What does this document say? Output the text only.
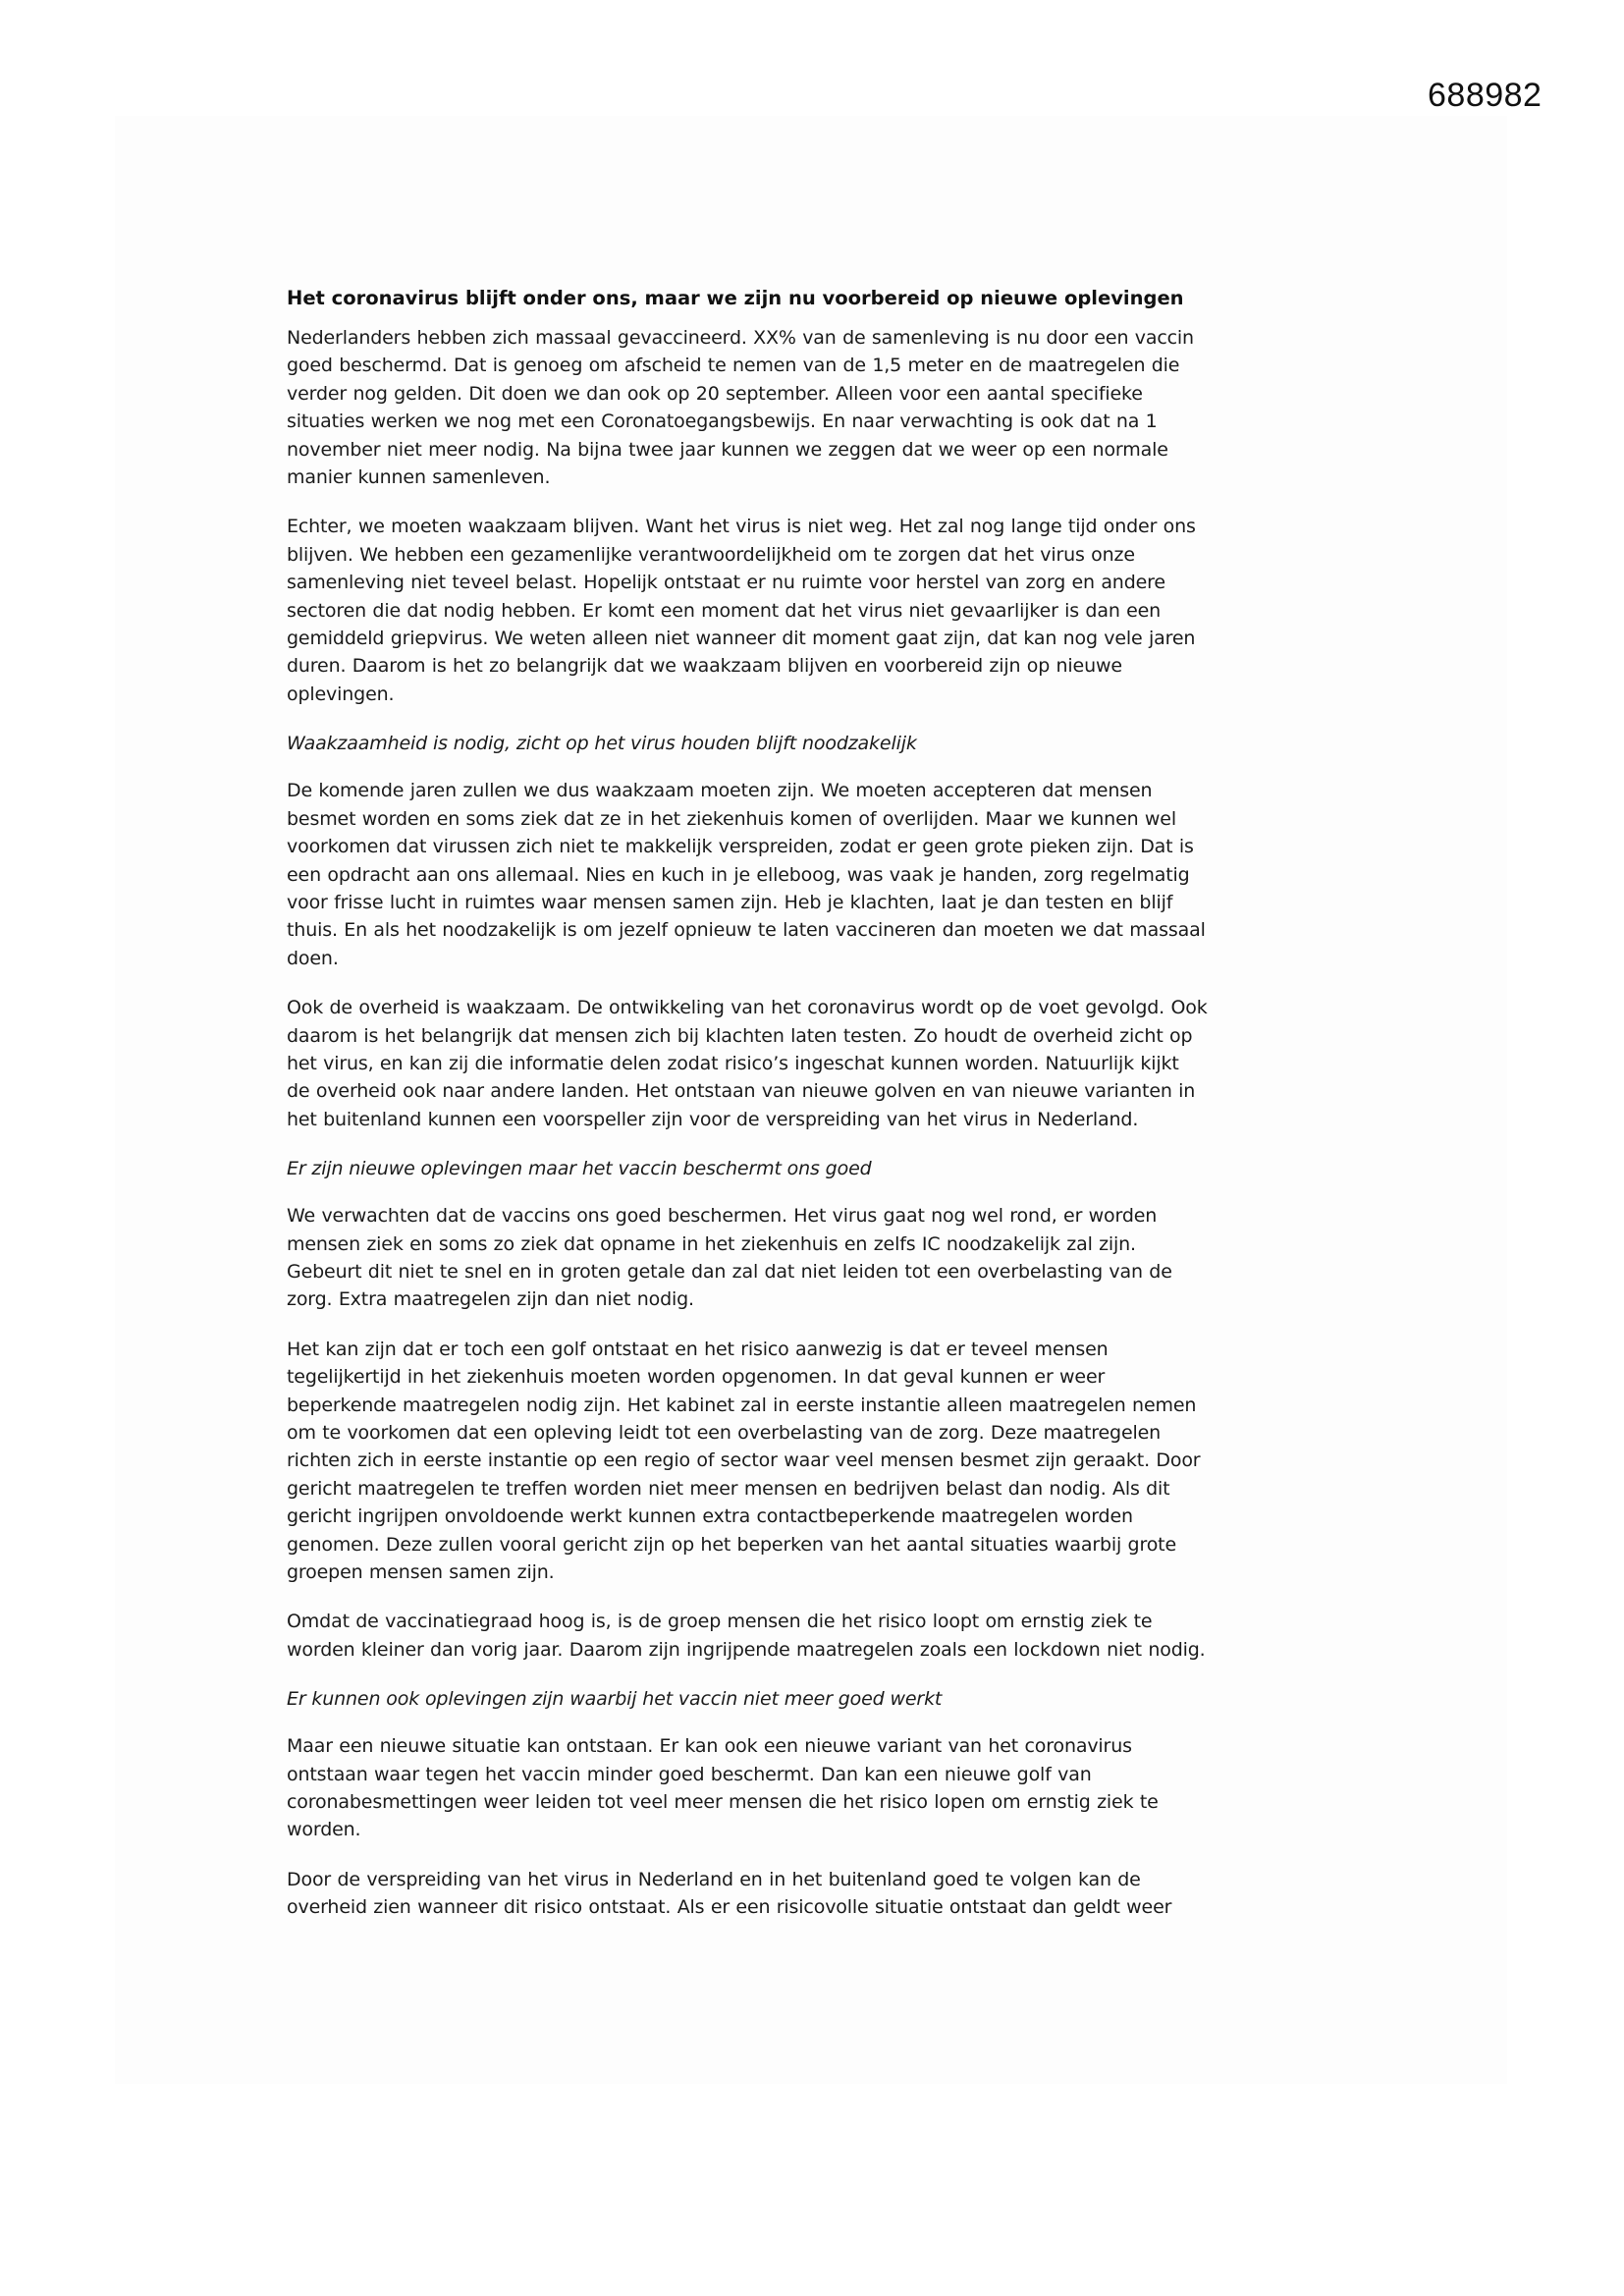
688982
Het coronavirus blijft onder ons, maar we zijn nu voorbereid op nieuwe oplevingen

Nederlanders hebben zich massaal gevaccineerd. XX% van de samenleving is nu door een vaccin
goed beschermd. Dat is genoeg om afscheid te nemen van de 1,5 meter en de maatregelen die
verder nog gelden. Dit doen we dan ook op 20 september. Alleen voor een aantal specifieke
situaties werken we nog met een Coronatoegangsbewijs. En naar verwachting is ook dat na 1
november niet meer nodig. Na bijna twee jaar kunnen we zeggen dat we weer op een normale
manier kunnen samenleven.

Echter, we moeten waakzaam blijven. Want het virus is niet weg. Het zal nog lange tijd onder ons
blijven. We hebben een gezamenlijke verantwoordelijkheid om te zorgen dat het virus onze
samenleving niet teveel belast. Hopelijk ontstaat er nu ruimte voor herstel van zorg en andere
sectoren die dat nodig hebben. Er komt een moment dat het virus niet gevaarlijker is dan een
gemiddeld griepvirus. We weten alleen niet wanneer dit moment gaat zijn, dat kan nog vele jaren
duren. Daarom is het zo belangrijk dat we waakzaam blijven en voorbereid zijn op nieuwe
oplevingen.

Waakzaamheid is nodig, zicht op het virus houden blijft noodzakelijk

De komende jaren zullen we dus waakzaam moeten zijn. We moeten accepteren dat mensen
besmet worden en soms ziek dat ze in het ziekenhuis komen of overlijden. Maar we kunnen wel
voorkomen dat virussen zich niet te makkelijk verspreiden, zodat er geen grote pieken zijn. Dat is
een opdracht aan ons allemaal. Nies en kuch in je elleboog, was vaak je handen, zorg regelmatig
voor frisse lucht in ruimtes waar mensen samen zijn. Heb je klachten, laat je dan testen en blijf
thuis. En als het noodzakelijk is om jezelf opnieuw te laten vaccineren dan moeten we dat massaal
doen.

Ook de overheid is waakzaam. De ontwikkeling van het coronavirus wordt op de voet gevolgd. Ook
daarom is het belangrijk dat mensen zich bij klachten laten testen. Zo houdt de overheid zicht op
het virus, en kan zij die informatie delen zodat risico’s ingeschat kunnen worden. Natuurlijk kijkt
de overheid ook naar andere landen. Het ontstaan van nieuwe golven en van nieuwe varianten in
het buitenland kunnen een voorspeller zijn voor de verspreiding van het virus in Nederland.

Er zijn nieuwe oplevingen maar het vaccin beschermt ons goed

We verwachten dat de vaccins ons goed beschermen. Het virus gaat nog wel rond, er worden
mensen ziek en soms zo ziek dat opname in het ziekenhuis en zelfs IC noodzakelijk zal zijn.
Gebeurt dit niet te snel en in groten getale dan zal dat niet leiden tot een overbelasting van de
zorg. Extra maatregelen zijn dan niet nodig.

Het kan zijn dat er toch een golf ontstaat en het risico aanwezig is dat er teveel mensen
tegelijkertijd in het ziekenhuis moeten worden opgenomen. In dat geval kunnen er weer
beperkende maatregelen nodig zijn. Het kabinet zal in eerste instantie alleen maatregelen nemen
om te voorkomen dat een opleving leidt tot een overbelasting van de zorg. Deze maatregelen
richten zich in eerste instantie op een regio of sector waar veel mensen besmet zijn geraakt. Door
gericht maatregelen te treffen worden niet meer mensen en bedrijven belast dan nodig. Als dit
gericht ingrijpen onvoldoende werkt kunnen extra contactbeperkende maatregelen worden
genomen. Deze zullen vooral gericht zijn op het beperken van het aantal situaties waarbij grote
groepen mensen samen zijn.

Omdat de vaccinatiegraad hoog is, is de groep mensen die het risico loopt om ernstig ziek te
worden kleiner dan vorig jaar. Daarom zijn ingrijpende maatregelen zoals een lockdown niet nodig.

Er kunnen ook oplevingen zijn waarbij het vaccin niet meer goed werkt

Maar een nieuwe situatie kan ontstaan. Er kan ook een nieuwe variant van het coronavirus
ontstaan waar tegen het vaccin minder goed beschermt. Dan kan een nieuwe golf van
coronabesmettingen weer leiden tot veel meer mensen die het risico lopen om ernstig ziek te
worden.

Door de verspreiding van het virus in Nederland en in het buitenland goed te volgen kan de
overheid zien wanneer dit risico ontstaat. Als er een risicovolle situatie ontstaat dan geldt weer
